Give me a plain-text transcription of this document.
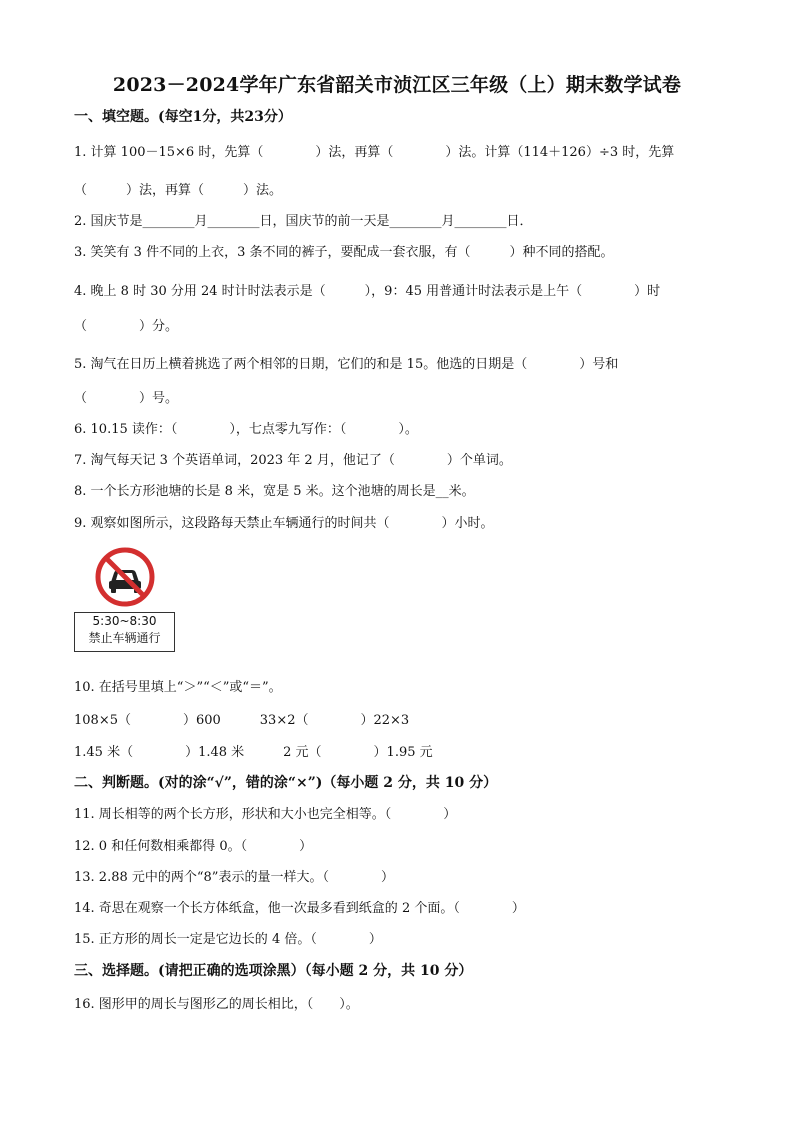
2023－2024学年广东省韶关市浈江区三年级（上）期末数学试卷
一、填空题。(每空1分，共23分）
1. 计算 100－15×6 时，先算（　　　　）法，再算（　　　　）法。计算（114＋126）÷3 时，先算
（　　　）法，再算（　　　）法。
2. 国庆节是________月________日，国庆节的前一天是________月________日．
3. 笑笑有 3 件不同的上衣，3 条不同的裤子，要配成一套衣服，有（　　　）种不同的搭配。
4. 晚上 8 时 30 分用 24 时计时法表示是（　　　），9：45 用普通计时法表示是上午（　　　　）时
（　　　　）分。
5. 淘气在日历上横着挑选了两个相邻的日期，它们的和是 15。他选的日期是（　　　　）号和
（　　　　）号。
6. 10.15 读作：（　　　　），七点零九写作：（　　　　）。
7. 淘气每天记 3 个英语单词，2023 年 2 月，他记了（　　　　）个单词。
8. 一个长方形池塘的长是 8 米，宽是 5 米。这个池塘的周长是__米。
9. 观察如图所示，这段路每天禁止车辆通行的时间共（　　　　）小时。
5:30~8:30
禁止车辆通行
10. 在括号里填上“＞”“＜”或“＝”。
108×5（　　　　）600　　　33×2（　　　　）22×3
1.45 米（　　　　）1.48 米　　　2 元（　　　　）1.95 元
二、判断题。(对的涂“√”，错的涂“×”)（每小题 2 分，共 10 分）
11. 周长相等的两个长方形，形状和大小也完全相等。（　　　　）
12. 0 和任何数相乘都得 0。（　　　　）
13. 2.88 元中的两个“8”表示的量一样大。（　　　　）
14. 奇思在观察一个长方体纸盒，他一次最多看到纸盒的 2 个面。（　　　　）
15. 正方形的周长一定是它边长的 4 倍。（　　　　）
三、选择题。(请把正确的选项涂黑）（每小题 2 分，共 10 分）
16. 图形甲的周长与图形乙的周长相比，（　　）。
